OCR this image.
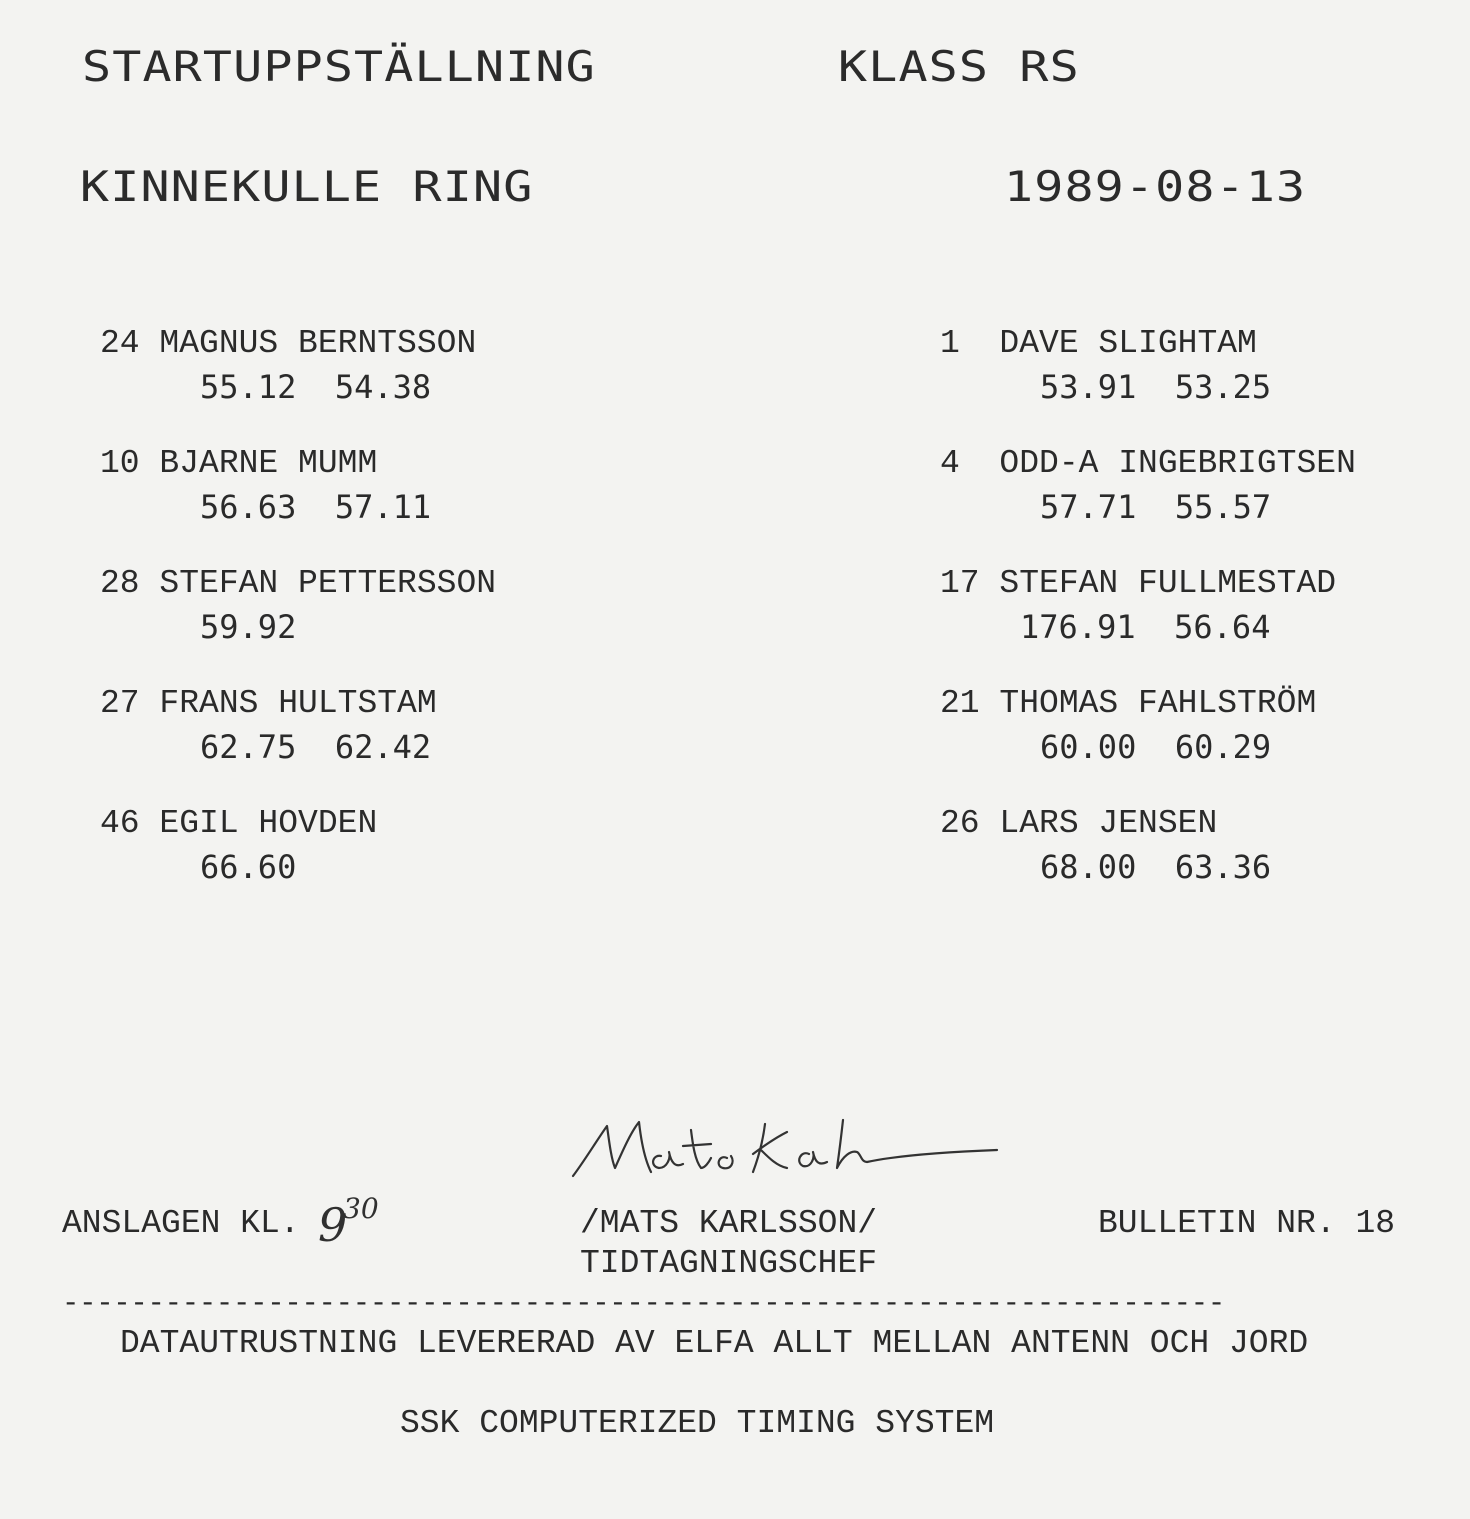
STARTUPPSTÄLLNING	KLASS RS
KINNEKULLE RING	1989-08-13
24 MAGNUS BERNTSSON
55.12  54.38
10 BJARNE MUMM
56.63  57.11
28 STEFAN PETTERSSON
59.92
27 FRANS HULTSTAM
62.75  62.42
46 EGIL HOVDEN
66.60
1  DAVE SLIGHTAM
53.91  53.25
4  ODD-A INGEBRIGTSEN
57.71  55.57
17 STEFAN FULLMESTAD
176.91  56.64
21 THOMAS FAHLSTRÖM
60.00  60.29
26 LARS JENSEN
68.00  63.36
ANSLAGEN KL. 9
30	/MATS KARLSSON/
TIDTAGNINGSCHEF
BULLETIN NR. 18
--------------------------------------------------------------------
DATAUTRUSTNING LEVERERAD AV ELFA ALLT MELLAN ANTENN OCH JORD
SSK COMPUTERIZED TIMING SYSTEM
